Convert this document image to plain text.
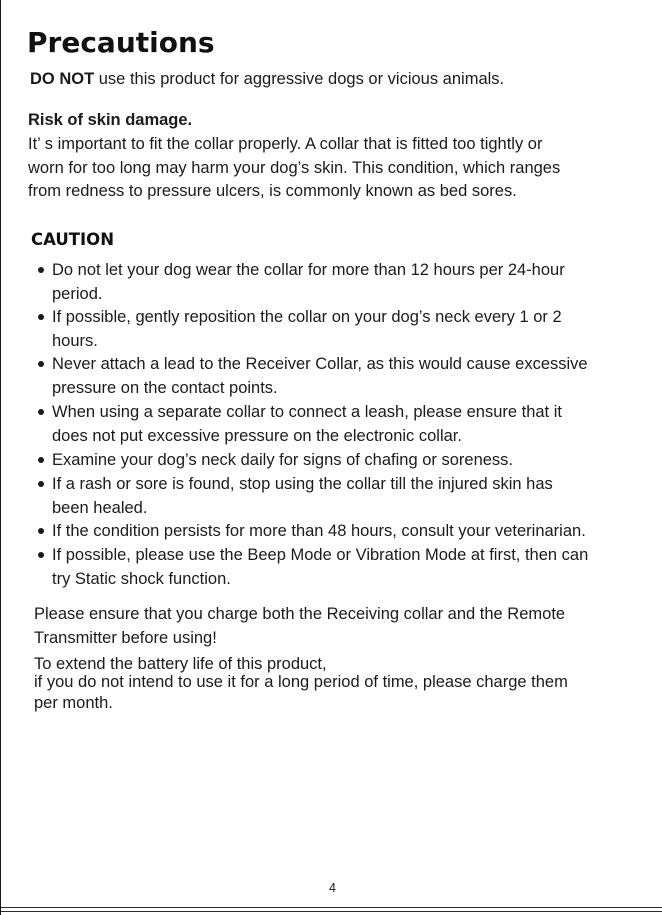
Precautions
DO NOT use this product for aggressive dogs or vicious animals.
Risk of skin damage.
It’ s important to fit the collar properly. A collar that is fitted too tightly or
worn for too long may harm your dog’s skin. This condition, which ranges
from redness to pressure ulcers, is commonly known as bed sores.
CAUTION
Do not let your dog wear the collar for more than 12 hours per 24-hour
period.
If possible, gently reposition the collar on your dog’s neck every 1 or 2
hours.
Never attach a lead to the Receiver Collar, as this would cause excessive
pressure on the contact points.
When using a separate collar to connect a leash, please ensure that it
does not put excessive pressure on the electronic collar.
Examine your dog’s neck daily for signs of chafing or soreness.
If a rash or sore is found, stop using the collar till the injured skin has
been healed.
If the condition persists for more than 48 hours, consult your veterinarian.
If possible, please use the Beep Mode or Vibration Mode at first, then can
try Static shock function.
Please ensure that you charge both the Receiving collar and the Remote
Transmitter before using!
To extend the battery life of this product,
if you do not intend to use it for a long period of time, please charge them
per month.
4
